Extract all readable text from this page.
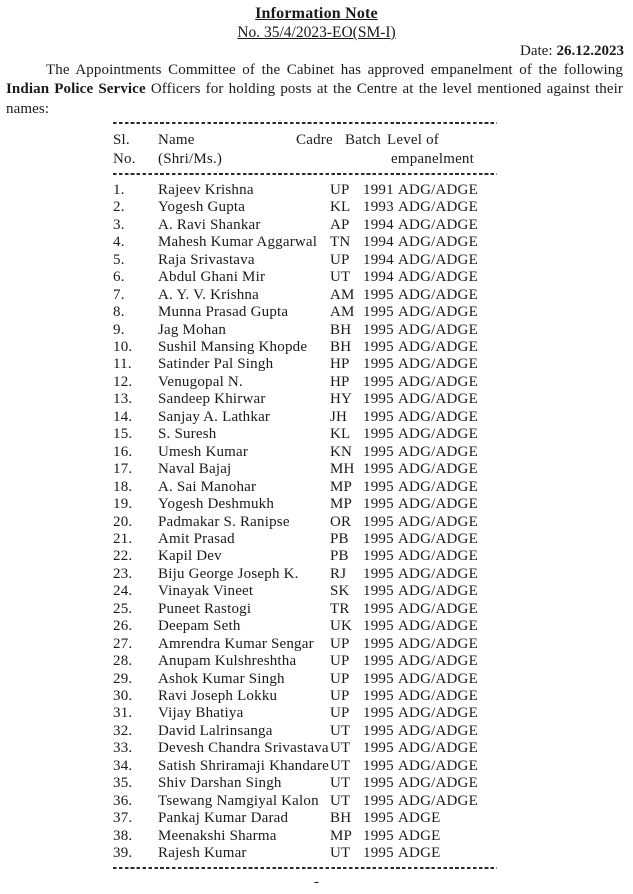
Information Note
No. 35/4/2023-EO(SM-I)
Date: 26.12.2023

The Appointments Committee of the Cabinet has approved empanelment of the following Indian Police Service Officers for holding posts at the Centre at the level mentioned against their names:

Sl.	Name	Cadre Batch Level of
No.	(Shri/Ms.)	empanelment
1.	Rajeev Krishna	UP 1991 ADG/ADGE
2.	Yogesh Gupta	KL 1993 ADG/ADGE
3.	A. Ravi Shankar	AP 1994 ADG/ADGE
4.	Mahesh Kumar Aggarwal TN 1994 ADG/ADGE
5.	Raja Srivastava	UP 1994 ADG/ADGE
6.	Abdul Ghani Mir	UT 1994 ADG/ADGE
7.	A. Y. V. Krishna	AM 1995 ADG/ADGE
8.	Munna Prasad Gupta	AM 1995 ADG/ADGE
9.	Jag Mohan	BH 1995 ADG/ADGE
10.	Sushil Mansing Khopde	BH 1995 ADG/ADGE
11.	Satinder Pal Singh	HP 1995 ADG/ADGE
12.	Venugopal N.	HP 1995 ADG/ADGE
13.	Sandeep Khirwar	HY 1995 ADG/ADGE
14.	Sanjay A. Lathkar	JH	1995 ADG/ADGE
15.	S. Suresh	KL 1995 ADG/ADGE
16.	Umesh Kumar	KN 1995 ADG/ADGE
17.	Naval Bajaj	MH 1995 ADG/ADGE
18.	A. Sai Manohar	MP 1995 ADG/ADGE
19.	Yogesh Deshmukh	MP 1995 ADG/ADGE
20.	Padmakar S. Ranipse	OR 1995 ADG/ADGE
21.	Amit Prasad	PB 1995 ADG/ADGE
22.	Kapil Dev	PB 1995 ADG/ADGE
23.	Biju George Joseph K.	RJ	1995 ADG/ADGE
24.	Vinayak Vineet	SK 1995 ADG/ADGE
25.	Puneet Rastogi	TR 1995 ADG/ADGE
26.	Deepam Seth	UK 1995 ADG/ADGE
27.	Amrendra Kumar Sengar	UP 1995 ADG/ADGE
28.	Anupam Kulshreshtha	UP 1995 ADG/ADGE
29.	Ashok Kumar Singh	UP 1995 ADG/ADGE
30.	Ravi Joseph Lokku	UP 1995 ADG/ADGE
31.	Vijay Bhatiya	UP 1995 ADG/ADGE
32.	David Lalrinsanga	UT 1995 ADG/ADGE
33.	Devesh Chandra Srivastava UT 1995 ADG/ADGE
34.	Satish Shriramaji Khandare UT 1995 ADG/ADGE
35.	Shiv Darshan Singh	UT 1995 ADG/ADGE
36.	Tsewang Namgiyal Kalon UT 1995 ADG/ADGE
37.	Pankaj Kumar Darad	BH 1995 ADGE
38.	Meenakshi Sharma	MP 1995 ADGE
39.	Rajesh Kumar	UT 1995 ADGE
-
